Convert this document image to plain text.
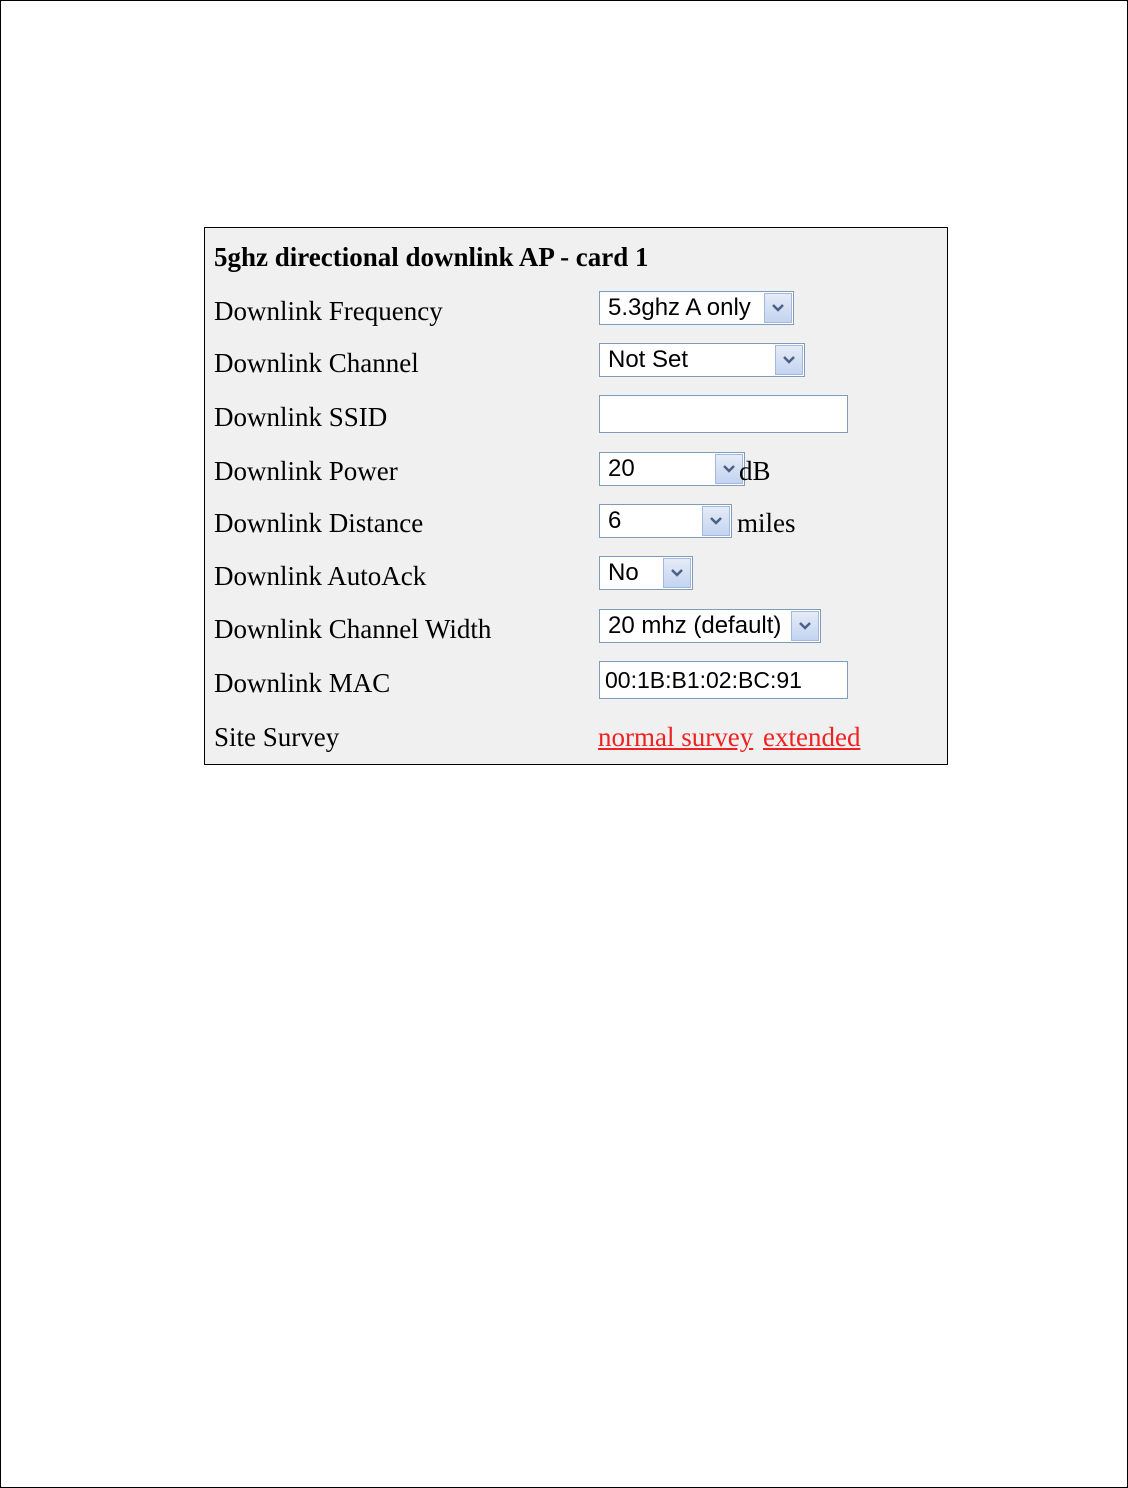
5ghz directional downlink AP - card 1
Downlink Frequency	5.3ghz A only
Downlink Channel	Not Set
Downlink SSID
Downlink Power	20	dB
Downlink Distance	6	miles
Downlink AutoAck	No
Downlink Channel Width	20 mhz (default)
Downlink MAC	00:1B:B1:02:BC:91
Site Survey	normal survey extended
